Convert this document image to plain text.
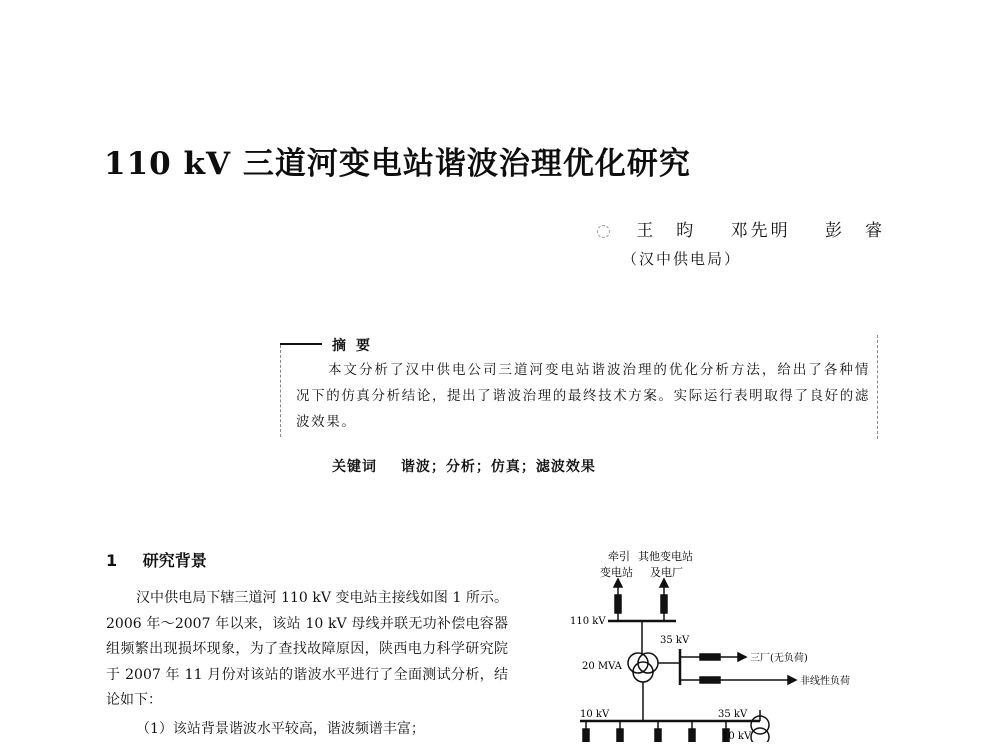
110 kV 三道河变电站谐波治理优化研究
◌ 王　昀 邓先明 彭　睿
（汉中供电局）
摘要
本文分析了汉中供电公司三道河变电站谐波治理的优化分析方法，给出了各种情况下的仿真分析结论，提出了谐波治理的最终技术方案。实际运行表明取得了良好的滤波效果。
关键词 谐波；分析；仿真；滤波效果
1 研究背景
汉中供电局下辖三道河 110 kV 变电站主接线如图 1 所示。2006 年～2007 年以来，该站 10 kV 母线并联无功补偿电容器组频繁出现损坏现象，为了查找故障原因，陕西电力科学研究院于 2007 年 11 月份对该站的谐波水平进行了全面测试分析，结论如下：
（1）该站背景谐波水平较高，谐波频谱丰富；
牵引 其他变电站
变电站 及电厂
110 kV
20 MVA
35 kV
三厂(无负荷)
非线性负荷
10 kV	35 kV
10 kV
